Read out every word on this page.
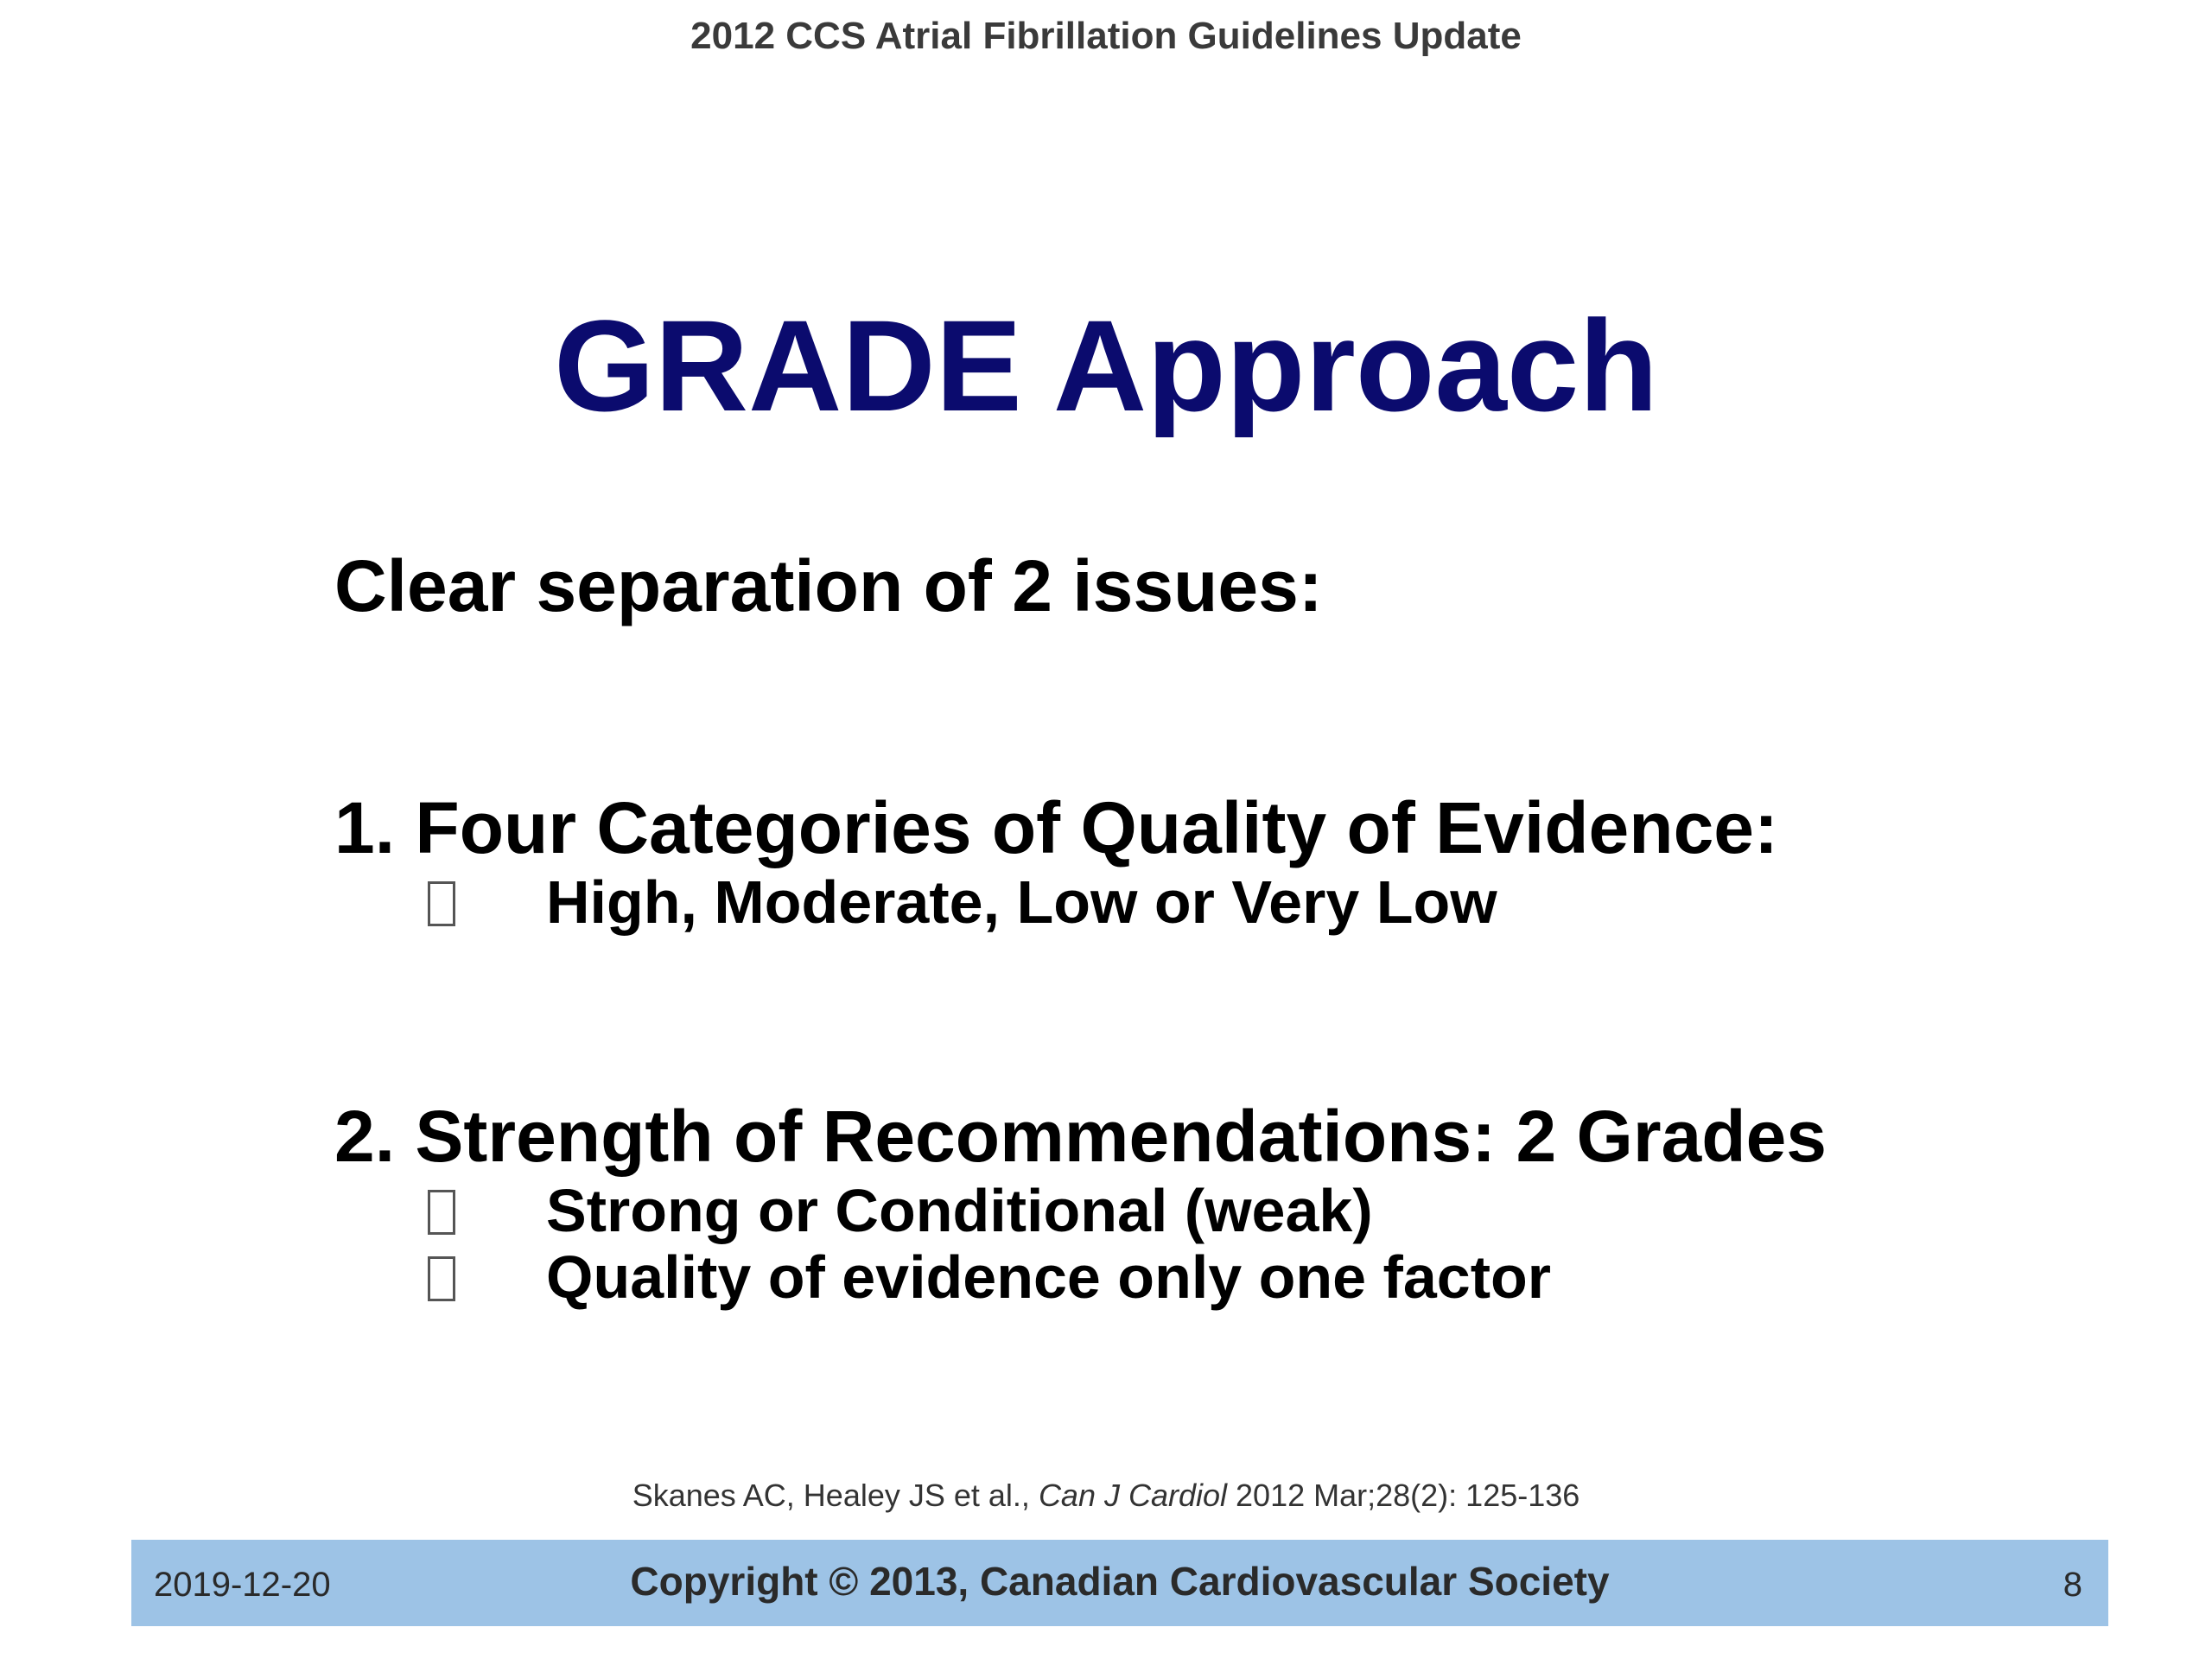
2012 CCS Atrial Fibrillation Guidelines Update
GRADE Approach
Clear separation of 2 issues:
1. Four Categories of Quality of Evidence:
High, Moderate, Low or Very Low
2. Strength of Recommendations: 2 Grades
Strong or Conditional (weak)
Quality of evidence only one factor
Skanes AC, Healey JS et al., Can J Cardiol 2012 Mar;28(2): 125-136
2019-12-20	Copyright © 2013, Canadian Cardiovascular Society	8
